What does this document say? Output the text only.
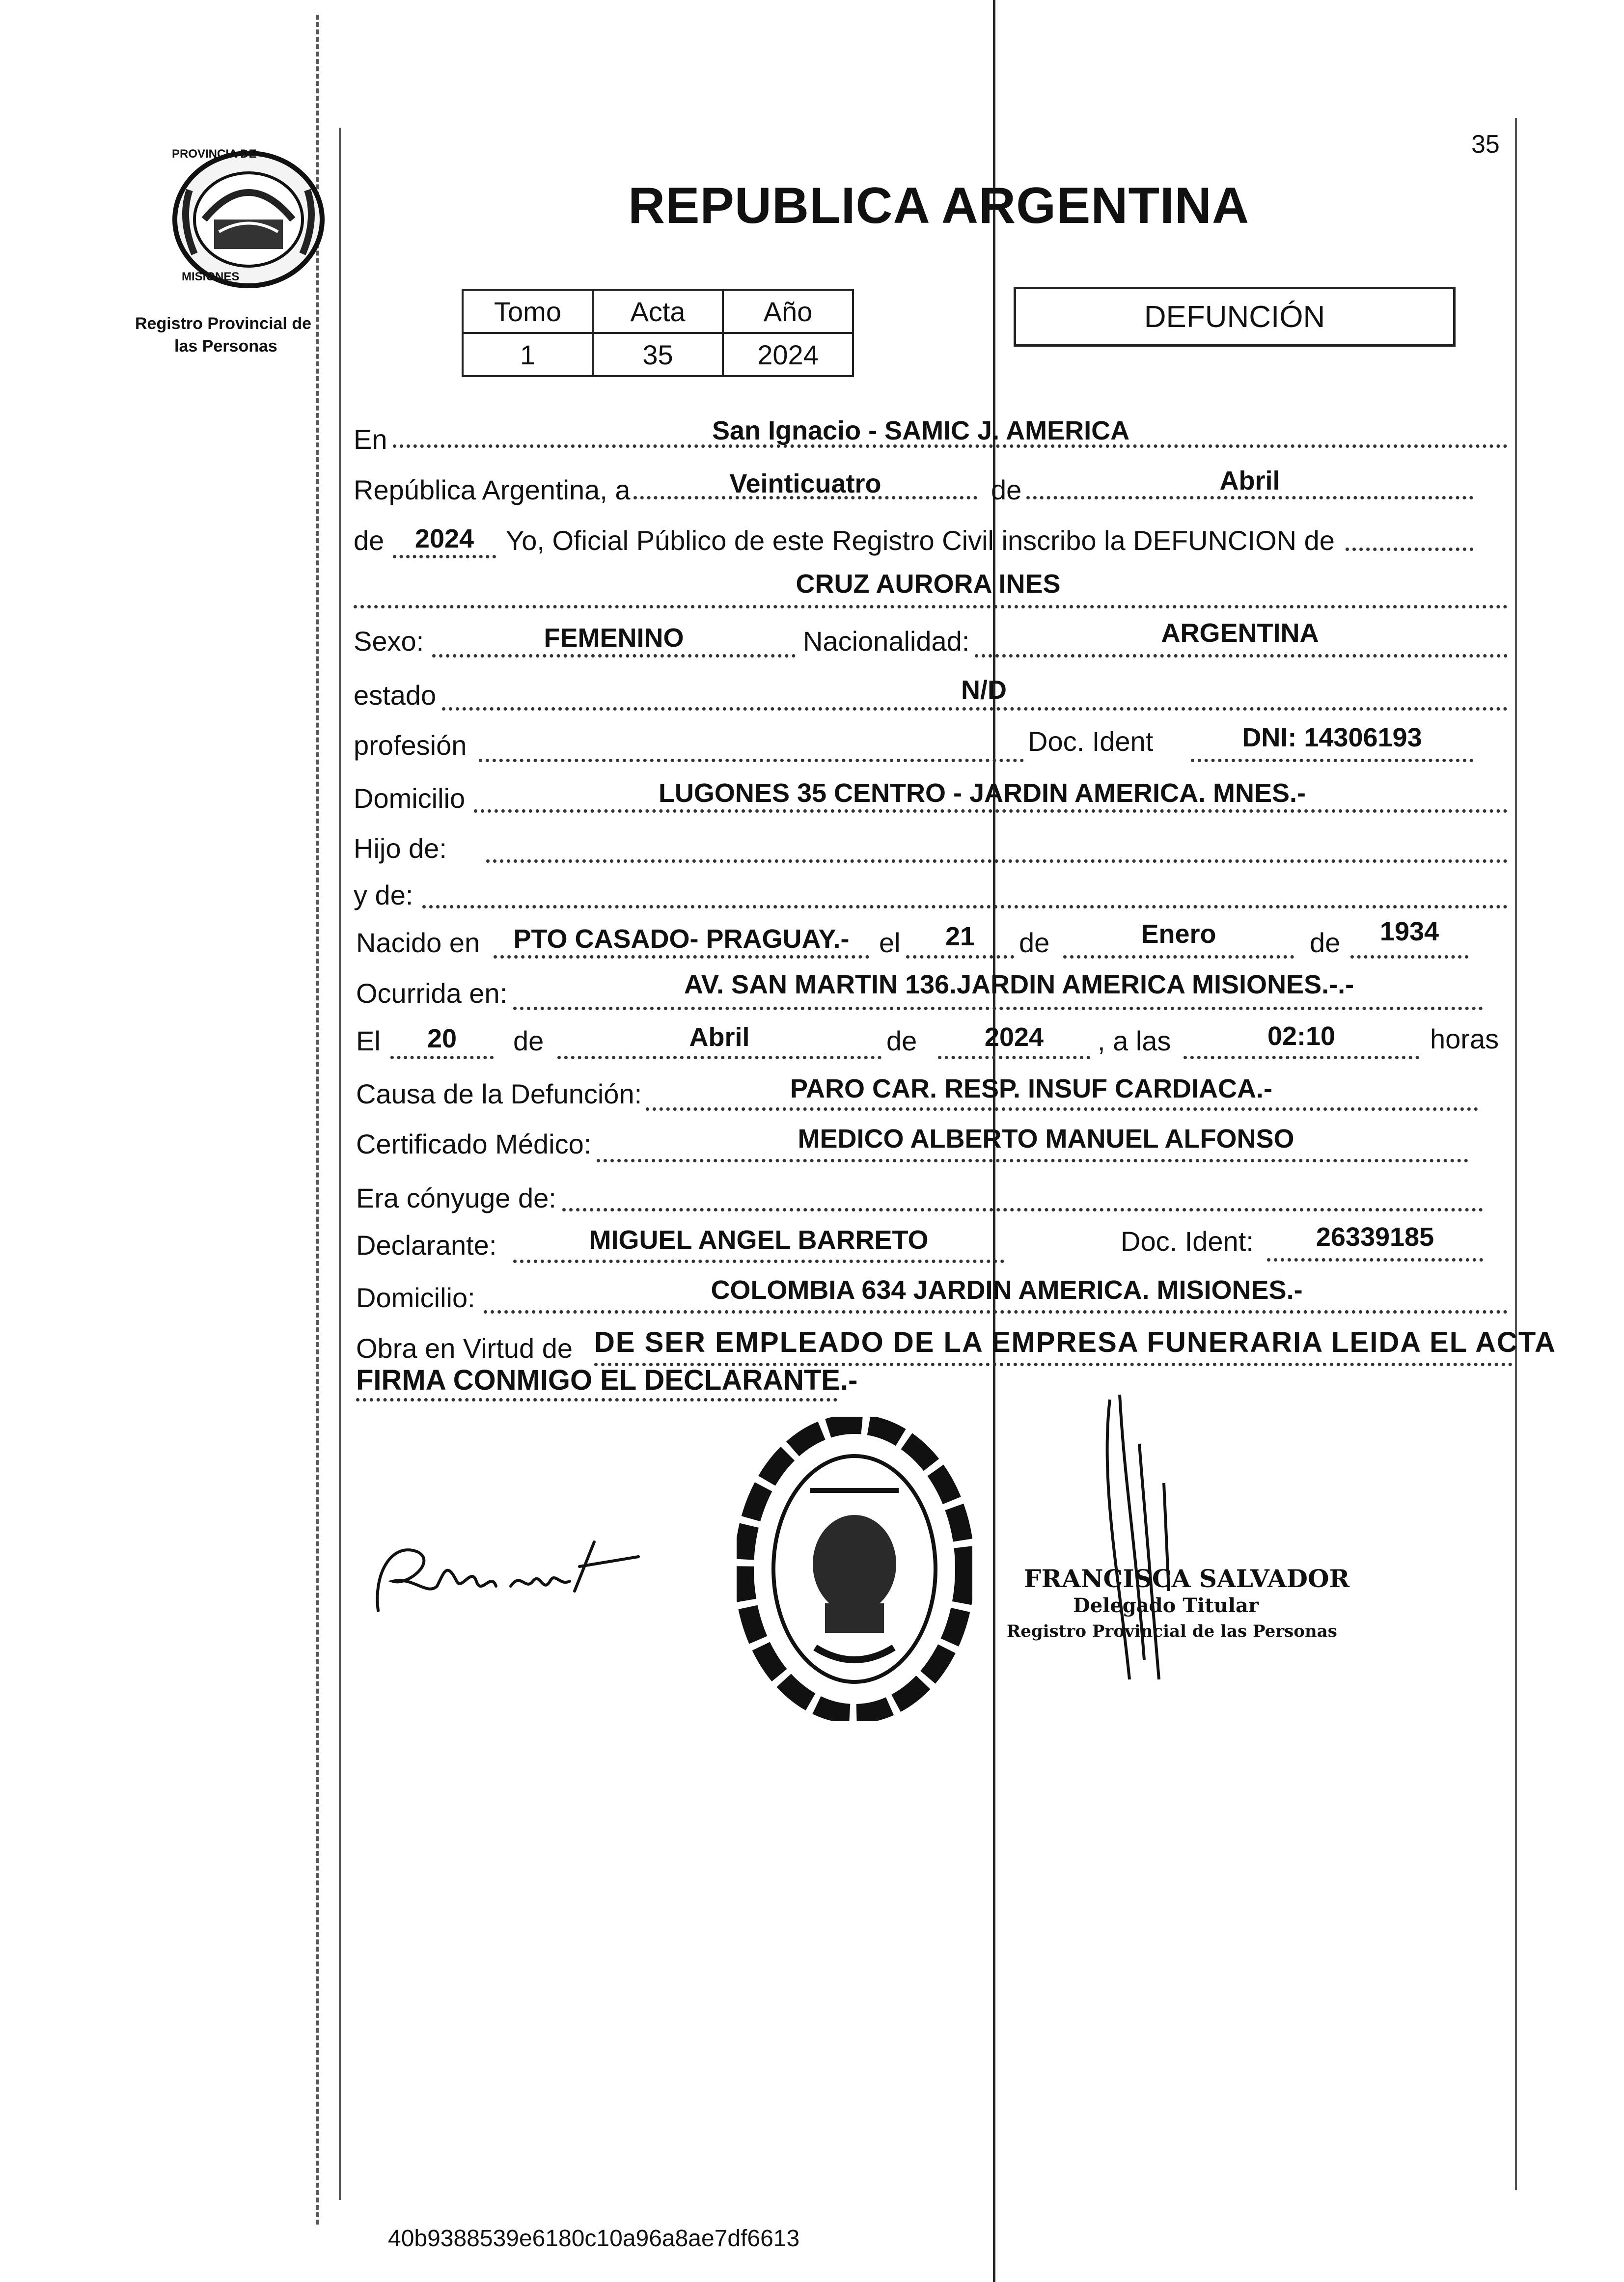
35
PROVINCIA DE
MISIONES
Registro Provincial de
las Personas
REPUBLICA ARGENTINA
Tomo	Acta	Año
1	35	2024
DEFUNCIÓN
En	San Ignacio - SAMIC J. AMERICA
República Argentina, a	Veinticuatro	de	Abril
de	2024	Yo, Oficial Público de este Registro Civil inscribo la DEFUNCION de
CRUZ AURORA INES
Sexo:	FEMENINO	Nacionalidad:	ARGENTINA
estado	N/D
profesión	Doc. Ident	DNI: 14306193
Domicilio	LUGONES 35 CENTRO - JARDIN AMERICA. MNES.-
Hijo de:
y de:
Nacido en	PTO CASADO- PRAGUAY.-	el	21	de	Enero	de	1934
Ocurrida en:	AV. SAN MARTIN 136.JARDIN AMERICA MISIONES.-.-
El	20	de	Abril	de	2024	, a las	02:10	horas
Causa de la Defunción:	PARO CAR. RESP. INSUF CARDIACA.-
Certificado Médico:	MEDICO ALBERTO MANUEL ALFONSO
Era cónyuge de:
Declarante:	MIGUEL ANGEL BARRETO	Doc. Ident:	26339185
Domicilio:	COLOMBIA 634 JARDIN AMERICA. MISIONES.-
Obra en Virtud de DE SER EMPLEADO DE LA EMPRESA FUNERARIA LEIDA EL ACTA
FIRMA CONMIGO EL DECLARANTE.-
FRANCISCA SALVADOR
Delegado Titular
Registro Provincial de las Personas
40b9388539e6180c10a96a8ae7df6613
